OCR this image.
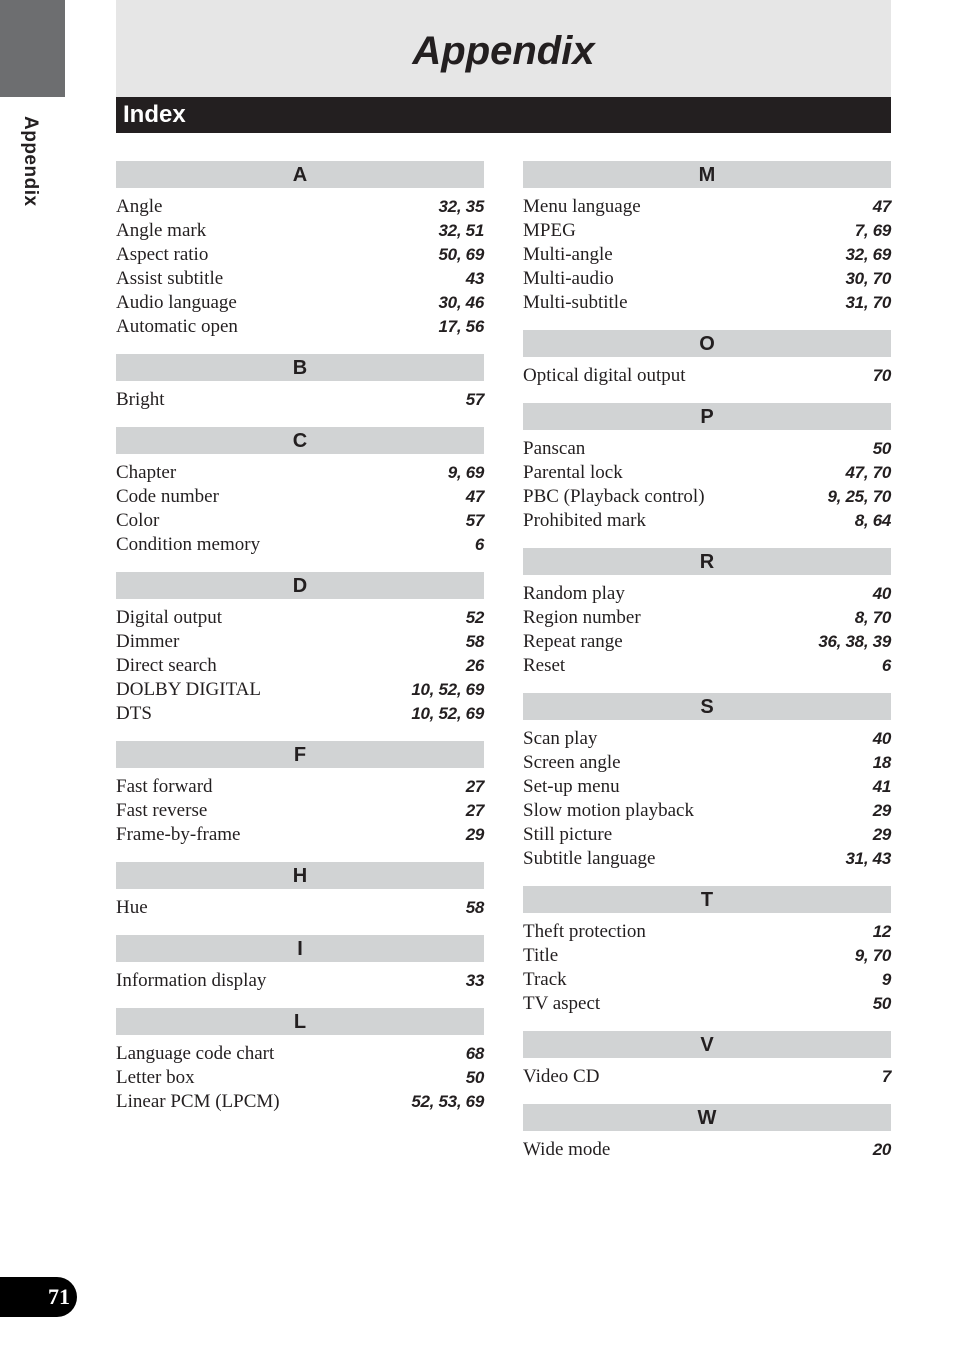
Appendix
Appendix
Index
A
Angle	32, 35
Angle mark	32, 51
Aspect ratio	50, 69
Assist subtitle	43
Audio language	30, 46
Automatic open	17, 56
B
Bright	57
C
Chapter	9, 69
Code number	47
Color	57
Condition memory	6
D
Digital output	52
Dimmer	58
Direct search	26
DOLBY DIGITAL	10, 52, 69
DTS	10, 52, 69
F
Fast forward	27
Fast reverse	27
Frame-by-frame	29
H
Hue	58
I
Information display	33
L
Language code chart	68
Letter box	50
Linear PCM (LPCM)	52, 53, 69
M
Menu language	47
MPEG	7, 69
Multi-angle	32, 69
Multi-audio	30, 70
Multi-subtitle	31, 70
O
Optical digital output	70
P
Panscan	50
Parental lock	47, 70
PBC (Playback control)	9, 25, 70
Prohibited mark	8, 64
R
Random play	40
Region number	8, 70
Repeat range	36, 38, 39
Reset	6
S
Scan play	40
Screen angle	18
Set-up menu	41
Slow motion playback	29
Still picture	29
Subtitle language	31, 43
T
Theft protection	12
Title	9, 70
Track	9
TV aspect	50
V
Video CD	7
W
Wide mode	20
71
